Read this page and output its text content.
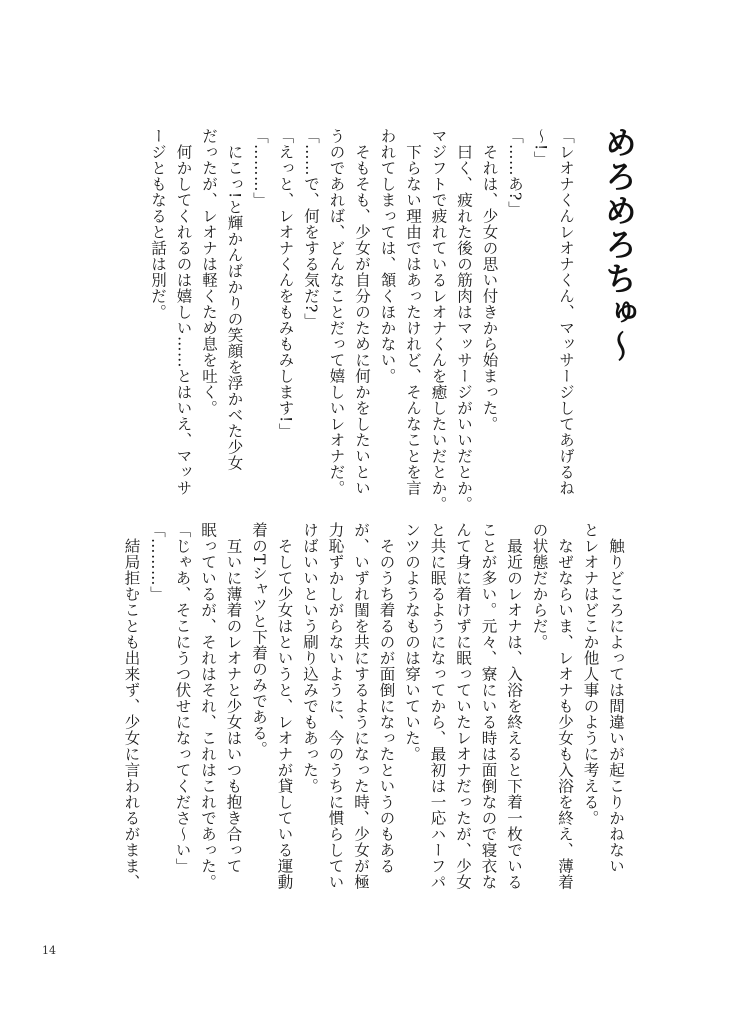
めろめろちゅ〜
「レオナくんレオナくん、マッサージしてあげるね
〜!」
「……あ?」
　それは、少女の思い付きから始まった。
　曰く、疲れた後の筋肉はマッサージがいいだとか。
マジフトで疲れているレオナくんを癒したいだとか。
　下らない理由ではあったけれど、そんなことを言
われてしまっては、頷くほかない。
　そもそも、少女が自分のために何かをしたいとい
うのであれば、どんなことだって嬉しいレオナだ。
「……で、何をする気だ?」
「えっと、レオナくんをもみもみします!」
「………」
　にこっ!と輝かんばかりの笑顔を浮かべた少女
だったが、レオナは軽くため息を吐く。
　何かしてくれるのは嬉しい……とはいえ、マッサ
ージともなると話は別だ。
　触りどころによっては間違いが起こりかねない
とレオナはどこか他人事のように考える。
　なぜならいま、レオナも少女も入浴を終え、薄着
の状態だからだ。
　最近のレオナは、入浴を終えると下着一枚でいる
ことが多い。元々、寮にいる時は面倒なので寝衣な
んて身に着けずに眠っていたレオナだったが、少女
と共に眠るようになってから、最初は一応ハーフパ
ンツのようなものは穿いていた。
　そのうち着るのが面倒になったというのもある
が、いずれ閨を共にするようになった時、少女が極
力恥ずかしがらないように、今のうちに慣らしてい
けばいいという刷り込みでもあった。
　そして少女はというと、レオナが貸している運動
着のTシャツと下着のみである。
　互いに薄着のレオナと少女はいつも抱き合って
眠っているが、それはそれ、これはこれであった。
「じゃあ、そこにうつ伏せになってくださ〜い」
「………」
　結局拒むことも出来ず、少女に言われるがまま、
14
